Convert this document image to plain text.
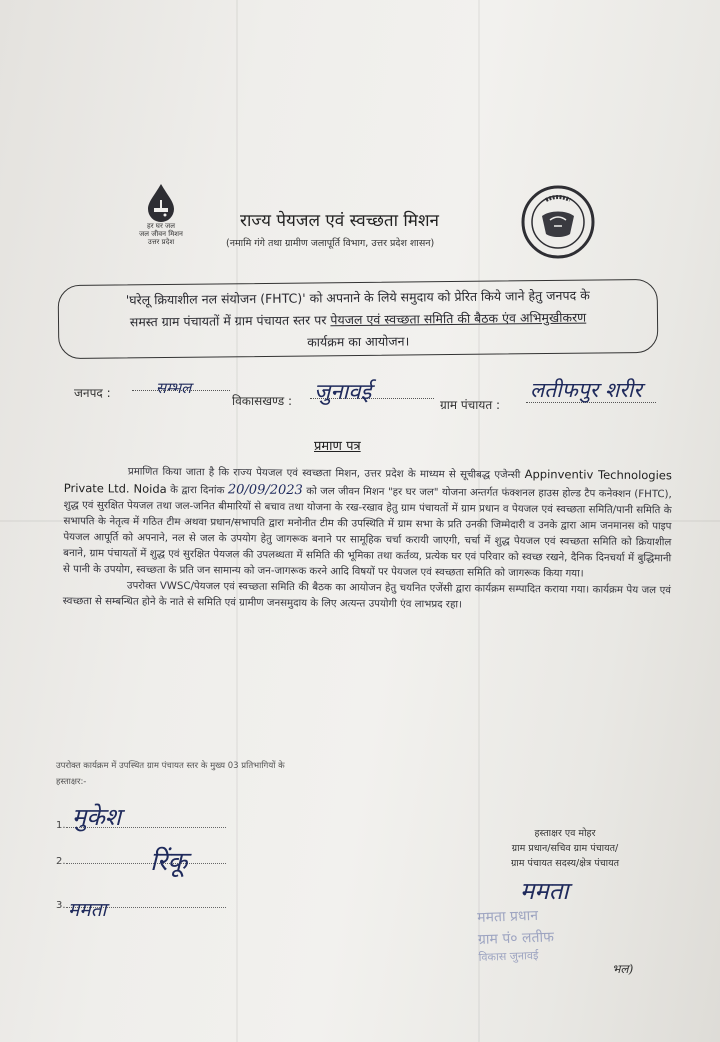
हर घर जल
जल जीवन मिशन
उत्तर प्रदेश
राज्य पेयजल एवं स्वच्छता मिशन
(नमामि गंगे तथा ग्रामीण जलापूर्ति विभाग, उत्तर प्रदेश शासन)
'घरेलू क्रियाशील नल संयोजन (FHTC)' को अपनाने के लिये समुदाय को प्रेरित किये जाने हेतु जनपद के
समस्त ग्राम पंचायतों में ग्राम पंचायत स्तर पर पेयजल एवं स्वच्छता समिति की बैठक एंव अभिमुखीकरण
कार्यक्रम का आयोजन।
जनपद :	सम्भल
विकासखण्ड : जुनावई	ग्राम पंचायत :
लतीफपुर शरीर
प्रमाण पत्र

प्रमाणित किया जाता है कि राज्य पेयजल एवं स्वच्छता मिशन, उत्तर प्रदेश के माध्यम से सूचीबद्ध एजेन्सी Appinventiv Technologies Private Ltd. Noida के द्वारा दिनांक 20/09/2023 को जल जीवन मिशन "हर घर जल" योजना अन्तर्गत फंक्शनल हाउस होल्ड टैप कनेक्शन (FHTC), शुद्ध एवं सुरक्षित पेयजल तथा जल-जनित बीमारियों से बचाव तथा योजना के रख-रखाव हेतु ग्राम पंचायतों में ग्राम प्रधान व पेयजल एवं स्वच्छता समिति/पानी समिति के सभापति के नेतृत्व में गठित टीम अथवा प्रधान/सभापति द्वारा मनोनीत टीम की उपस्थिति में ग्राम सभा के प्रति उनकी जिम्मेदारी व उनके द्वारा आम जनमानस को पाइप पेयजल आपूर्ति को अपनाने, नल से जल के उपयोग हेतु जागरूक बनाने पर सामूहिक चर्चा करायी जाएगी, चर्चा में शुद्ध पेयजल एवं स्वच्छता समिति को क्रियाशील बनाने, ग्राम पंचायतों में शुद्ध एवं सुरक्षित पेयजल की उपलब्धता में समिति की भूमिका तथा कर्तव्य, प्रत्येक घर एवं परिवार को स्वच्छ रखने, दैनिक दिनचर्या में बुद्धिमानी से पानी के उपयोग, स्वच्छता के प्रति जन सामान्य को जन-जागरूक करने आदि विषयों पर पेयजल एवं स्वच्छता समिति को जागरूक किया गया।

उपरोक्त VWSC/पेयजल एवं स्वच्छता समिति की बैठक का आयोजन हेतु चयनित एजेंसी द्वारा कार्यक्रम सम्पादित कराया गया। कार्यक्रम पेय जल एवं स्वच्छता से सम्बन्धित होने के नाते से समिति एवं ग्रामीण जनसमुदाय के लिए अत्यन्त उपयोगी एंव लाभप्रद रहा।

उपरोक्त कार्यक्रम में उपस्थित ग्राम पंचायत स्तर के मुख्य 03 प्रतिभागियों के
हस्ताक्षर:-
1. मुकेश
2.	रिंकू
3. ममता
हस्ताक्षर एव मोहर
ग्राम प्रधान/सचिव ग्राम पंचायत/
ग्राम पंचायत सदस्य/क्षेत्र पंचायत
ममता
ममता प्रधान
ग्राम पं० लतीफ
विकास जुनावई
भल)
